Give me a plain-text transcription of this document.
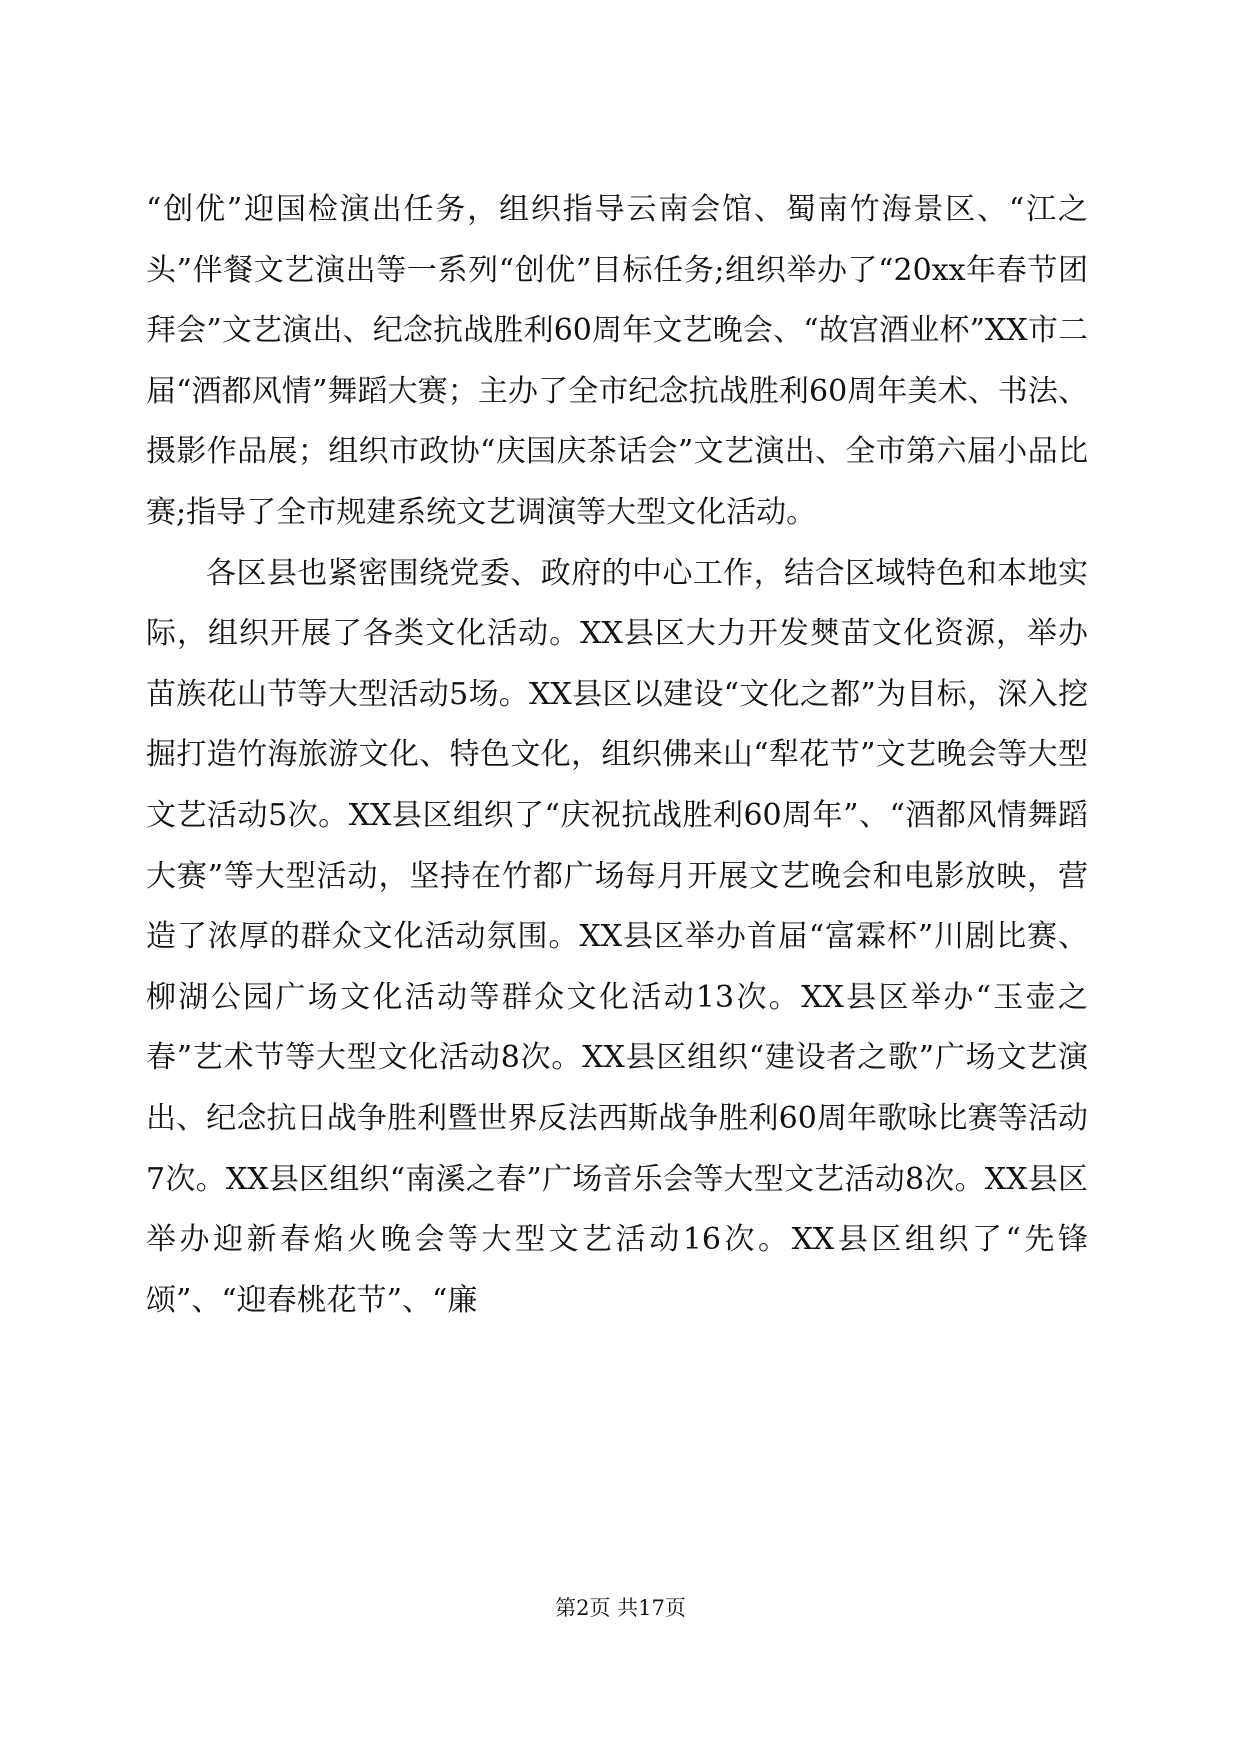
“创优”迎国检演出任务，组织指导云南会馆、蜀南竹海景区、“江之头”伴餐文艺演出等一系列“创优”目标任务;组织举办了“20xx年春节团拜会”文艺演出、纪念抗战胜利60周年文艺晚会、“故宫酒业杯”XX市二届“酒都风情”舞蹈大赛；主办了全市纪念抗战胜利60周年美术、书法、摄影作品展；组织市政协“庆国庆茶话会”文艺演出、全市第六届小品比赛;指导了全市规建系统文艺调演等大型文化活动。

各区县也紧密围绕党委、政府的中心工作，结合区域特色和本地实际，组织开展了各类文化活动。XX县区大力开发僰苗文化资源，举办苗族花山节等大型活动5场。XX县区以建设“文化之都”为目标，深入挖掘打造竹海旅游文化、特色文化，组织佛来山“犁花节”文艺晚会等大型文艺活动5次。XX县区组织了“庆祝抗战胜利60周年”、“酒都风情舞蹈大赛”等大型活动，坚持在竹都广场每月开展文艺晚会和电影放映，营造了浓厚的群众文化活动氛围。XX县区举办首届“富霖杯”川剧比赛、柳湖公园广场文化活动等群众文化活动13次。XX县区举办“玉壶之春”艺术节等大型文化活动8次。XX县区组织“建设者之歌”广场文艺演出、纪念抗日战争胜利暨世界反法西斯战争胜利60周年歌咏比赛等活动7次。XX县区组织“南溪之春”广场音乐会等大型文艺活动8次。XX县区举办迎新春焰火晚会等大型文艺活动16次。XX县区组织了“先锋颂”、“迎春桃花节”、“廉

第2页 共17页
